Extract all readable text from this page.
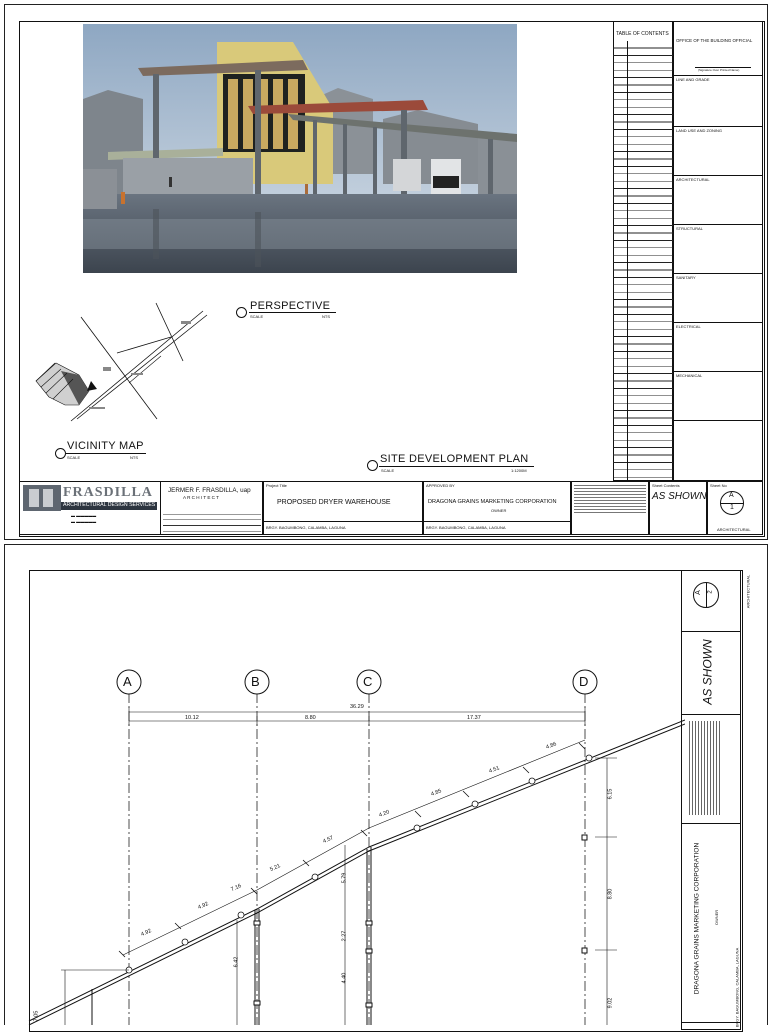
PERSPECTIVE
SCALE	NTS
VICINITY MAP
SCALE	NTS	SITE DEVELOPMENT PLAN
SCALE	1:1200M
TABLE OF CONTENTS
OFFICE OF THE BUILDING OFFICIAL
(Signature Over Printed Name)
LINE AND GRADE
LAND USE AND ZONING
ARCHITECTURAL
STRUCTURAL
SANITARY
ELECTRICAL
MECHANICAL
FRASDILLA
ARCHITECTURAL DESIGN SERVICES
▬ ▬▬▬▬▬
▬ ▬▬▬▬▬
JERMER F. FRASDILLA, uap
A R C H I T E C T
Project Title
PROPOSED DRYER WAREHOUSE
BRGY. BAGUMBONG, CALAMBA, LAGUNA
APPROVED BY
DRAGONA GRAINS MARKETING CORPORATION
OWNER
BRGY. BAGUMBONG, CALAMBA, LAGUNA
Sheet Contents
AS SHOWN
Sheet No
A
1
ARCHITECTURAL
A	B	C	D
36.29
10.12	8.80	17.37
4.92
4.92
7.16
5.21
4.57
4.20
4.85
4.51
4.86
6.15
8.80
9.02
5.79
2.27
4.40
6.42
7.05
A 2	ARCHITECTURAL
AS SHOWN
DRAGONA GRAINS MARKETING CORPORATION	OWNER
BRGY. BAGUMBONG, CALAMBA, LAGUNA
